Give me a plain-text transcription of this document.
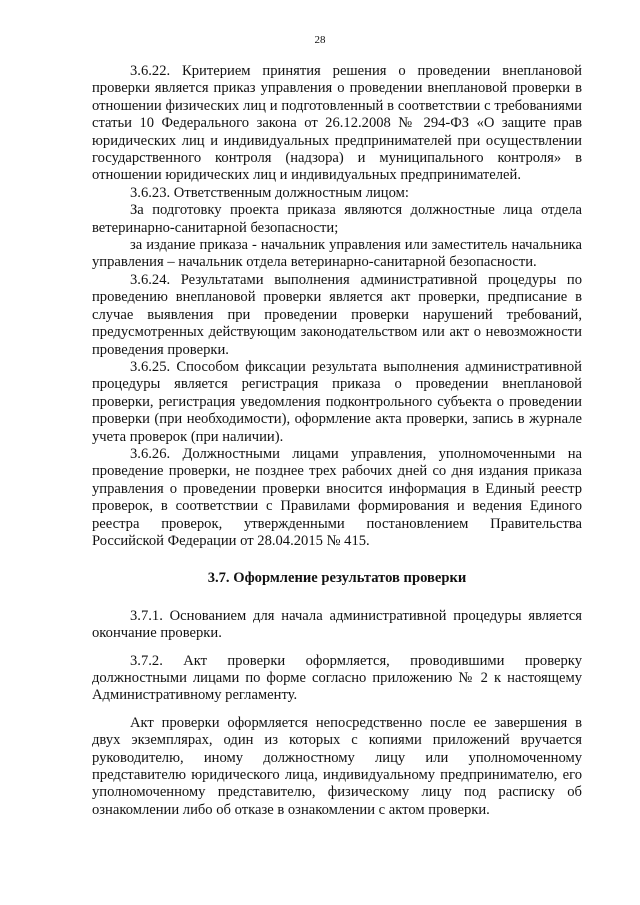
28

3.6.22. Критерием принятия решения о проведении внеплановой проверки является приказ управления о проведении внеплановой проверки в отношении физических лиц и подготовленный в соответствии с требованиями статьи 10 Федерального закона от 26.12.2008 № 294-ФЗ «О защите прав юридических лиц и индивидуальных предпринимателей при осуществлении государственного контроля (надзора) и муниципального контроля» в отношении юридических лиц и индивидуальных предпринимателей.

3.6.23. Ответственным должностным лицом:

За подготовку проекта приказа являются должностные лица отдела ветеринарно-санитарной безопасности;

за издание приказа - начальник управления или заместитель начальника управления – начальник отдела ветеринарно-санитарной безопасности.

3.6.24. Результатами выполнения административной процедуры по проведению внеплановой проверки является акт проверки, предписание в случае выявления при проведении проверки нарушений требований, предусмотренных действующим законодательством или акт о невозможности проведения проверки.

3.6.25. Способом фиксации результата выполнения административной процедуры является регистрация приказа о проведении внеплановой проверки, регистрация уведомления подконтрольного субъекта о проведении проверки (при необходимости), оформление акта проверки, запись в журнале учета проверок (при наличии).

3.6.26. Должностными лицами управления, уполномоченными на проведение проверки, не позднее трех рабочих дней со дня издания приказа управления о проведении проверки вносится информация в Единый реестр проверок, в соответствии с Правилами формирования и ведения Единого реестра проверок, утвержденными постановлением Правительства Российской Федерации от 28.04.2015 № 415.

3.7. Оформление результатов проверки

3.7.1. Основанием для начала административной процедуры является окончание проверки.

3.7.2. Акт проверки оформляется, проводившими проверку должностными лицами по форме согласно приложению № 2 к настоящему Административному регламенту.

Акт проверки оформляется непосредственно после ее завершения в двух экземплярах, один из которых с копиями приложений вручается руководителю, иному должностному лицу или уполномоченному представителю юридического лица, индивидуальному предпринимателю, его уполномоченному представителю, физическому лицу под расписку об ознакомлении либо об отказе в ознакомлении с актом проверки.
